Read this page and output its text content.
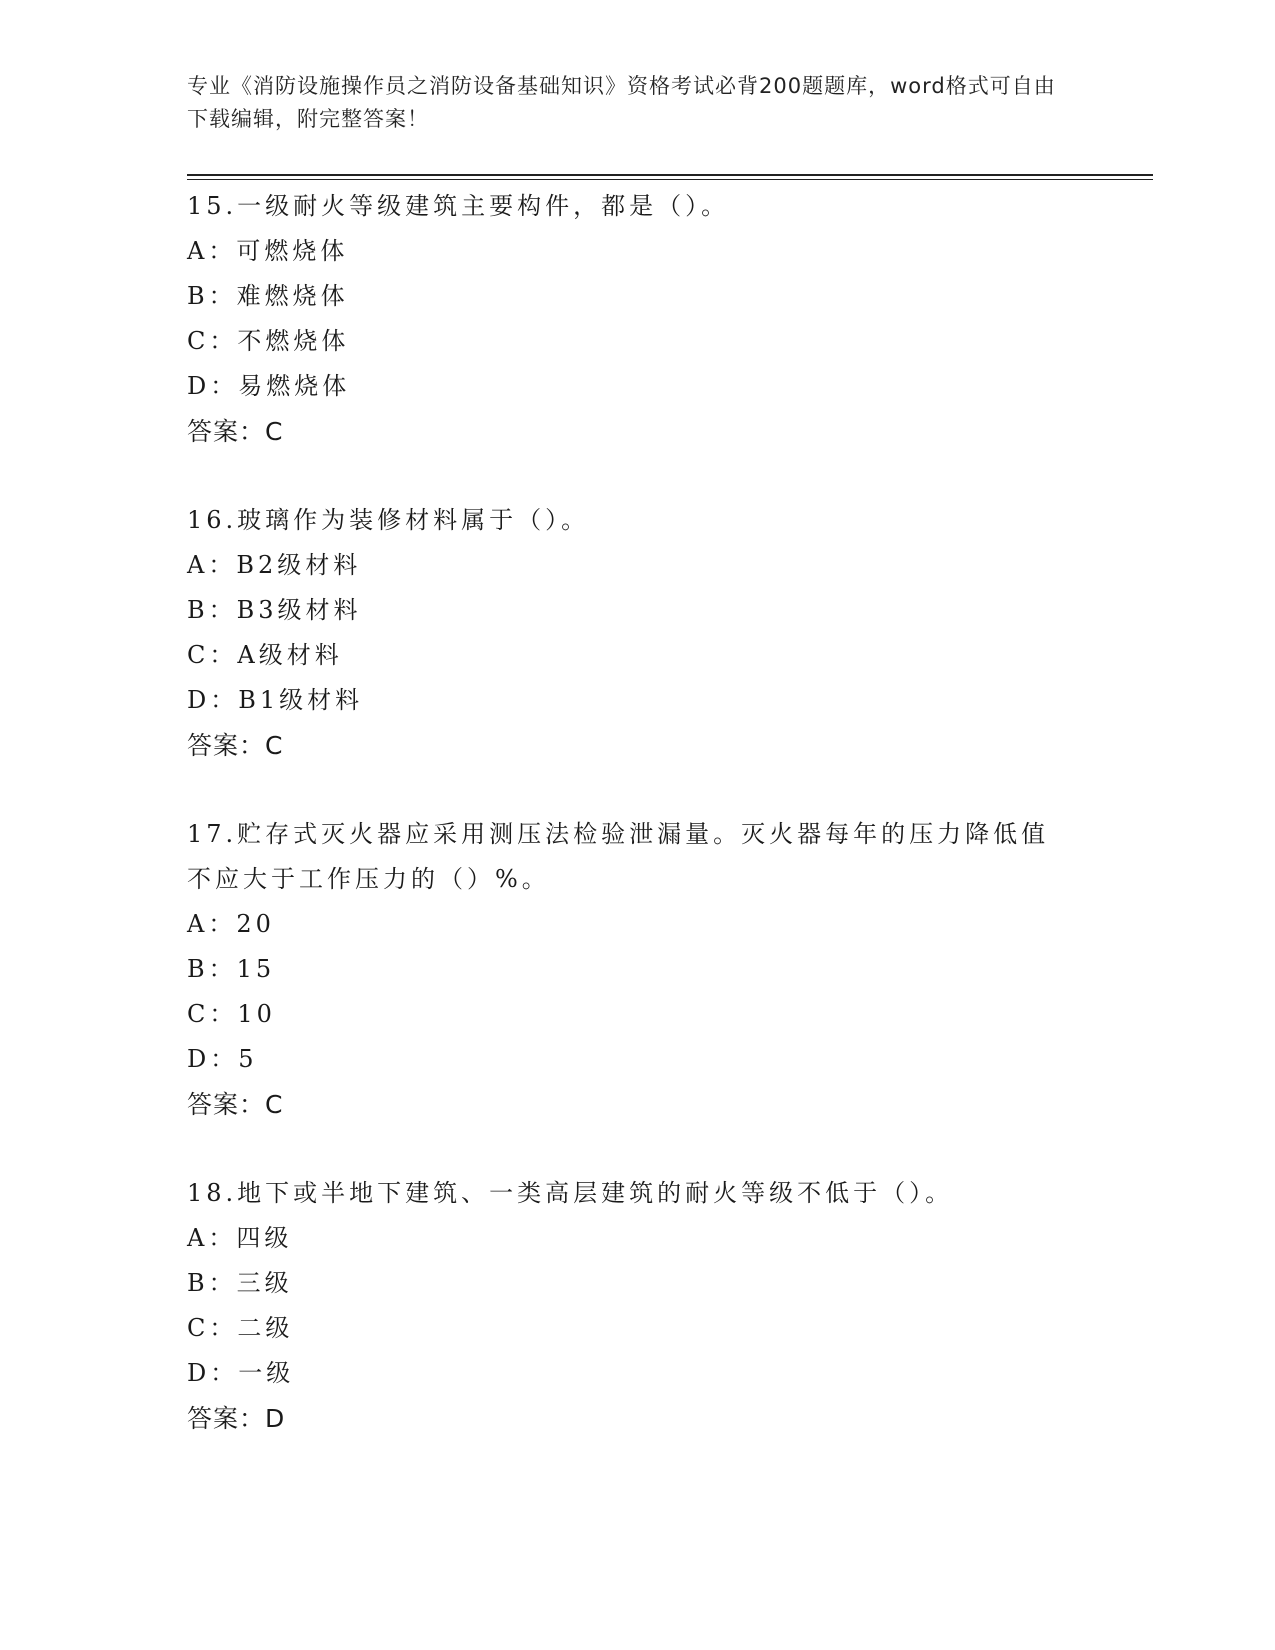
专业《消防设施操作员之消防设备基础知识》资格考试必背200题题库，word格式可自由下载编辑，附完整答案！
15.一级耐火等级建筑主要构件，都是（）。
A：可燃烧体
B：难燃烧体
C：不燃烧体
D：易燃烧体
答案：C
16.玻璃作为装修材料属于（）。
A：B2级材料
B：B3级材料
C：A级材料
D：B1级材料
答案：C
17.贮存式灭火器应采用测压法检验泄漏量。灭火器每年的压力降低值不应大于工作压力的（）%。
A：20
B：15
C：10
D：5
答案：C
18.地下或半地下建筑、一类高层建筑的耐火等级不低于（）。
A：四级
B：三级
C：二级
D：一级
答案：D
